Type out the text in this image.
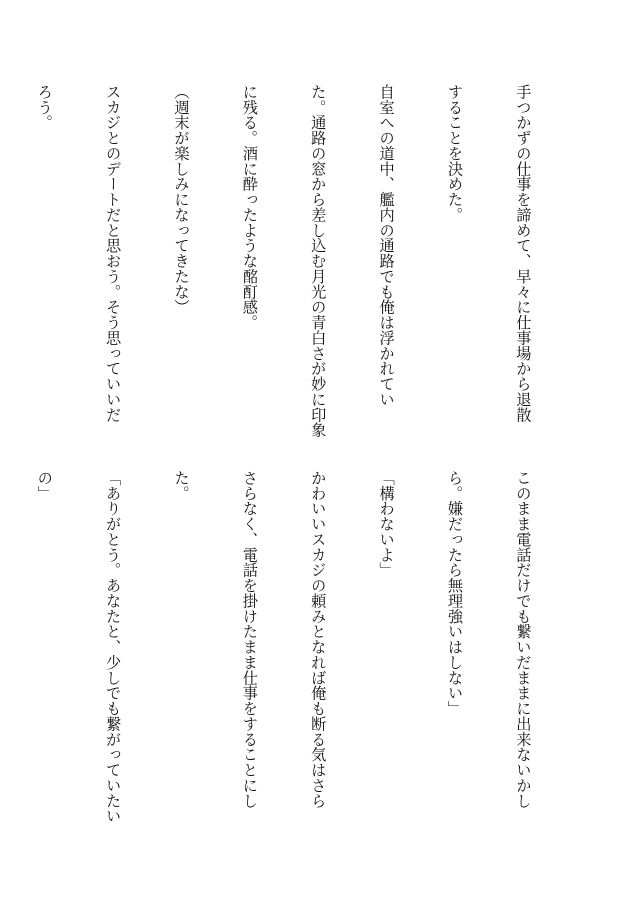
手つかずの仕事を諦めて、早々に仕事場から退散

することを決めた。

自室への道中、艦内の通路でも俺は浮かれてい

た。通路の窓から差し込む月光の青白さが妙に印象

に残る。酒に酔ったような酩酊感。

（週末が楽しみになってきたな）

スカジとのデートだと思おう。そう思っていいだ

ろう。

このまま電話だけでも繋いだままに出来ないかし

ら。嫌だったら無理強いはしない」

「構わないよ」

かわいいスカジの頼みとなれば俺も断る気はさら

さらなく、電話を掛けたまま仕事をすることにし

た。

「ありがとう。あなたと、少しでも繋がっていたい

の」
